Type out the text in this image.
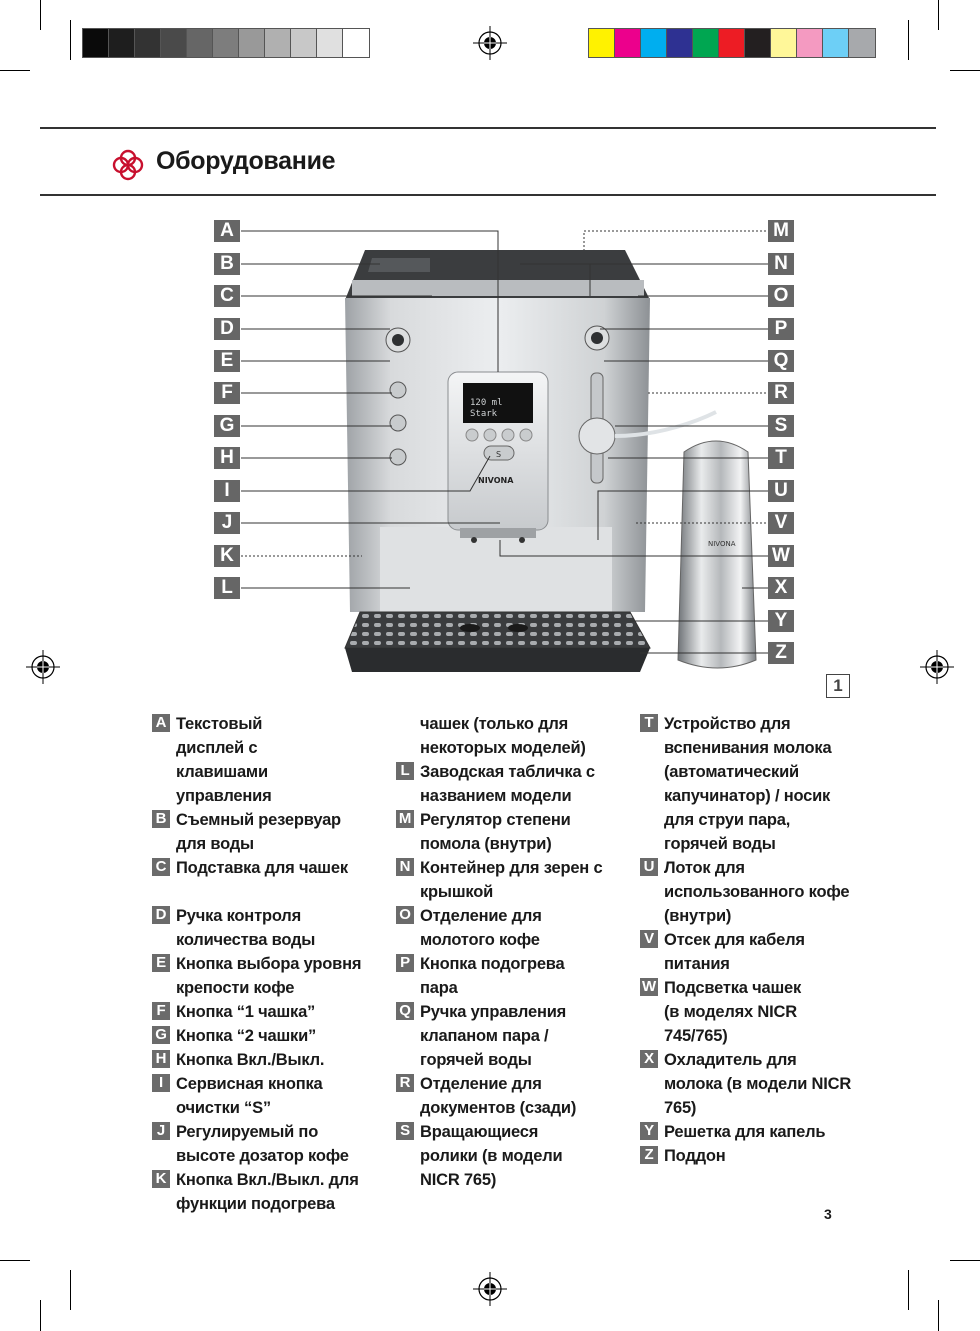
Оборудование
120 ml
Stark
S
NIVONA
NIVONA
A
B
C
D
E
F
G
H
I
J
K
L
M
N
O
P
Q
R
S
T
U
V
W
X
Y
Z
1
A Текстовый дисплей с клавишами управления
B Съемный резервуар для воды
C Подставка для чашек
D Ручка контроля количества воды
E Кнопка выбора уровня крепости кофе
F Кнопка “1 чашка”
G Кнопка “2 чашки”
H Кнопка Вкл./Выкл.
I Сервисная кнопка очистки “S”
J Регулируемый по высоте дозатор кофе
K Кнопка Вкл./Выкл. для функции подогрева
чашек (только для некоторых моделей)
L Заводская табличка с названием модели
M Регулятор степени помола (внутри)
N Контейнер для зерен с крышкой
O Отделение для молотого кофе
P Кнопка подогрева пара
Q Ручка управления клапаном пара / горячей воды
R Отделение для документов (сзади)
S Вращающиеся ролики (в модели NICR 765)
T Устройство для вспенивания молока (автоматический капучинатор) / носик для струи пара, горячей воды
U Лоток для использованного кофе (внутри)
V Отсек для кабеля питания
W Подсветка чашек (в моделях NICR 745/765)
X Охладитель для молока (в модели NICR 765)
Y Решетка для капель
Z Поддон
3
